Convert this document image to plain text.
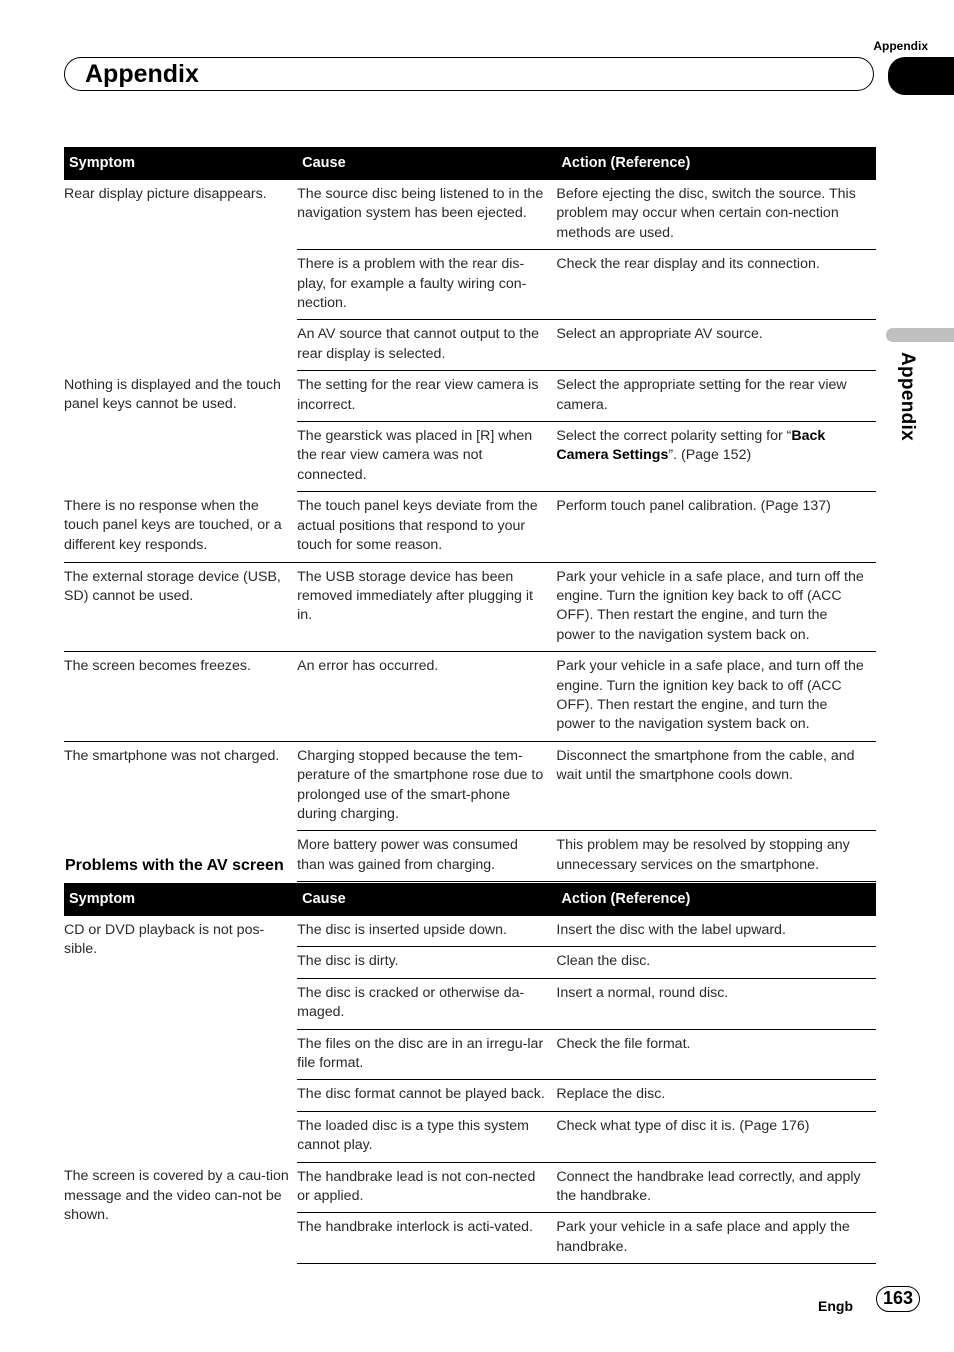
Appendix
Appendix
Appendix
Symptom	Cause	Action (Reference)
Rear display picture disappears.	The source disc being listened to in the navigation system has been ejected.	Before ejecting the disc, switch the source. This problem may occur when certain con-nection methods are used.
	There is a problem with the rear dis-play, for example a faulty wiring con-nection.	Check the rear display and its connection.
	An AV source that cannot output to the rear display is selected.	Select an appropriate AV source.
Nothing is displayed and the touch panel keys cannot be used.	The setting for the rear view camera is incorrect.	Select the appropriate setting for the rear view camera.
	The gearstick was placed in [R] when the rear view camera was not connected.	Select the correct polarity setting for “Back Camera Settings”. (Page 152)
There is no response when the touch panel keys are touched, or a different key responds.	The touch panel keys deviate from the actual positions that respond to your touch for some reason.	Perform touch panel calibration. (Page 137)
The external storage device (USB, SD) cannot be used.	The USB storage device has been removed immediately after plugging it in.	Park your vehicle in a safe place, and turn off the engine. Turn the ignition key back to off (ACC OFF). Then restart the engine, and turn the power to the navigation system back on.
The screen becomes freezes.	An error has occurred.	Park your vehicle in a safe place, and turn off the engine. Turn the ignition key back to off (ACC OFF). Then restart the engine, and turn the power to the navigation system back on.
The smartphone was not charged.	Charging stopped because the tem-perature of the smartphone rose due to prolonged use of the smart-phone during charging.	Disconnect the smartphone from the cable, and wait until the smartphone cools down.
	More battery power was consumed than was gained from charging.	This problem may be resolved by stopping any unnecessary services on the smartphone.
Problems with the AV screen
Symptom	Cause	Action (Reference)
CD or DVD playback is not pos-sible.	The disc is inserted upside down.	Insert the disc with the label upward.
	The disc is dirty.	Clean the disc.
	The disc is cracked or otherwise da-maged.	Insert a normal, round disc.
	The files on the disc are in an irregu-lar file format.	Check the file format.
	The disc format cannot be played back.	Replace the disc.
	The loaded disc is a type this system cannot play.	Check what type of disc it is. (Page 176)
The screen is covered by a cau-tion message and the video can-not be shown.	The handbrake lead is not con-nected or applied.	Connect the handbrake lead correctly, and apply the handbrake.
	The handbrake interlock is acti-vated.	Park your vehicle in a safe place and apply the handbrake.
Engb	163
